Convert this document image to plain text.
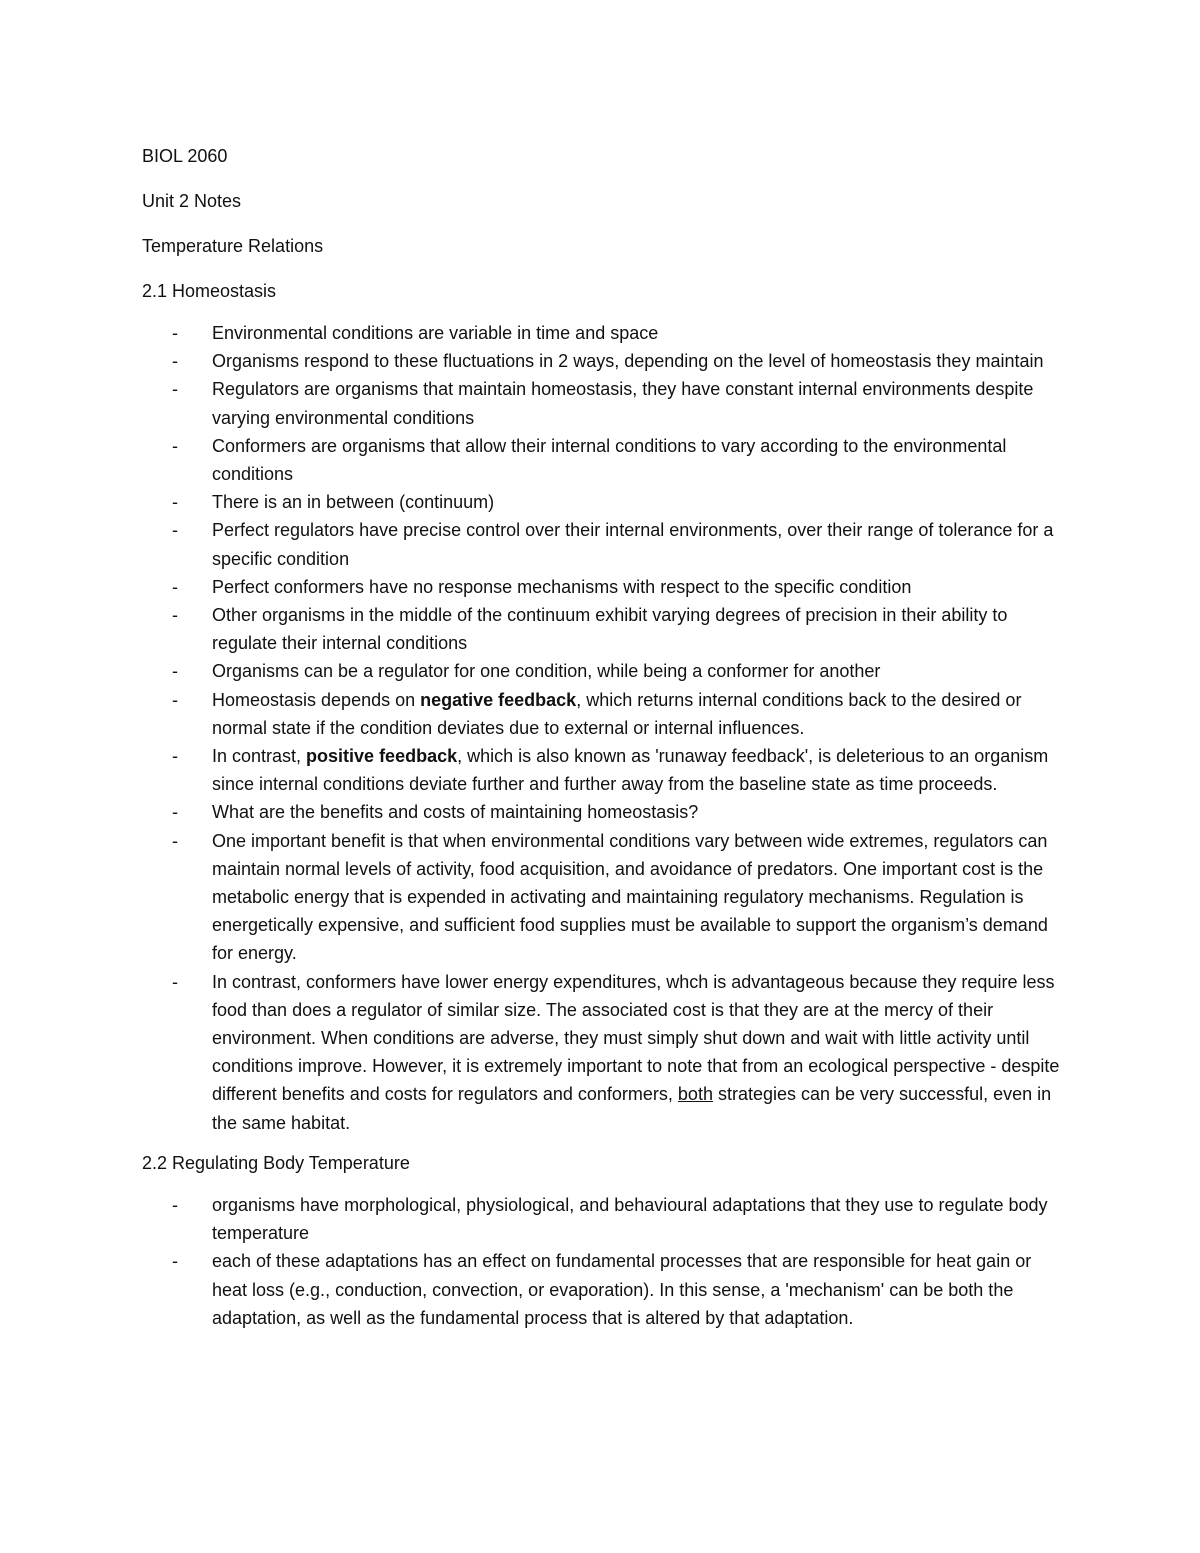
BIOL 2060
Unit 2 Notes
Temperature Relations
2.1 Homeostasis
- Environmental conditions are variable in time and space
- Organisms respond to these fluctuations in 2 ways, depending on the level of homeostasis they maintain
- Regulators are organisms that maintain homeostasis, they have constant internal environments despite varying environmental conditions
- Conformers are organisms that allow their internal conditions to vary according to the environmental conditions
- There is an in between (continuum)
- Perfect regulators have precise control over their internal environments, over their range of tolerance for a specific condition
- Perfect conformers have no response mechanisms with respect to the specific condition
- Other organisms in the middle of the continuum exhibit varying degrees of precision in their ability to regulate their internal conditions
- Organisms can be a regulator for one condition, while being a conformer for another
- Homeostasis depends on negative feedback, which returns internal conditions back to the desired or normal state if the condition deviates due to external or internal influences.
- In contrast, positive feedback, which is also known as 'runaway feedback', is deleterious to an organism since internal conditions deviate further and further away from the baseline state as time proceeds.
- What are the benefits and costs of maintaining homeostasis?
- One important benefit is that when environmental conditions vary between wide extremes, regulators can maintain normal levels of activity, food acquisition, and avoidance of predators. One important cost is the metabolic energy that is expended in activating and maintaining regulatory mechanisms. Regulation is energetically expensive, and sufficient food supplies must be available to support the organism’s demand for energy.
- In contrast, conformers have lower energy expenditures, whch is advantageous because they require less food than does a regulator of similar size. The associated cost is that they are at the mercy of their environment. When conditions are adverse, they must simply shut down and wait with little activity until conditions improve. However, it is extremely important to note that from an ecological perspective - despite different benefits and costs for regulators and conformers, both strategies can be very successful, even in the same habitat.
2.2 Regulating Body Temperature
- organisms have morphological, physiological, and behavioural adaptations that they use to regulate body temperature
- each of these adaptations has an effect on fundamental processes that are responsible for heat gain or heat loss (e.g., conduction, convection, or evaporation). In this sense, a 'mechanism' can be both the adaptation, as well as the fundamental process that is altered by that adaptation.
